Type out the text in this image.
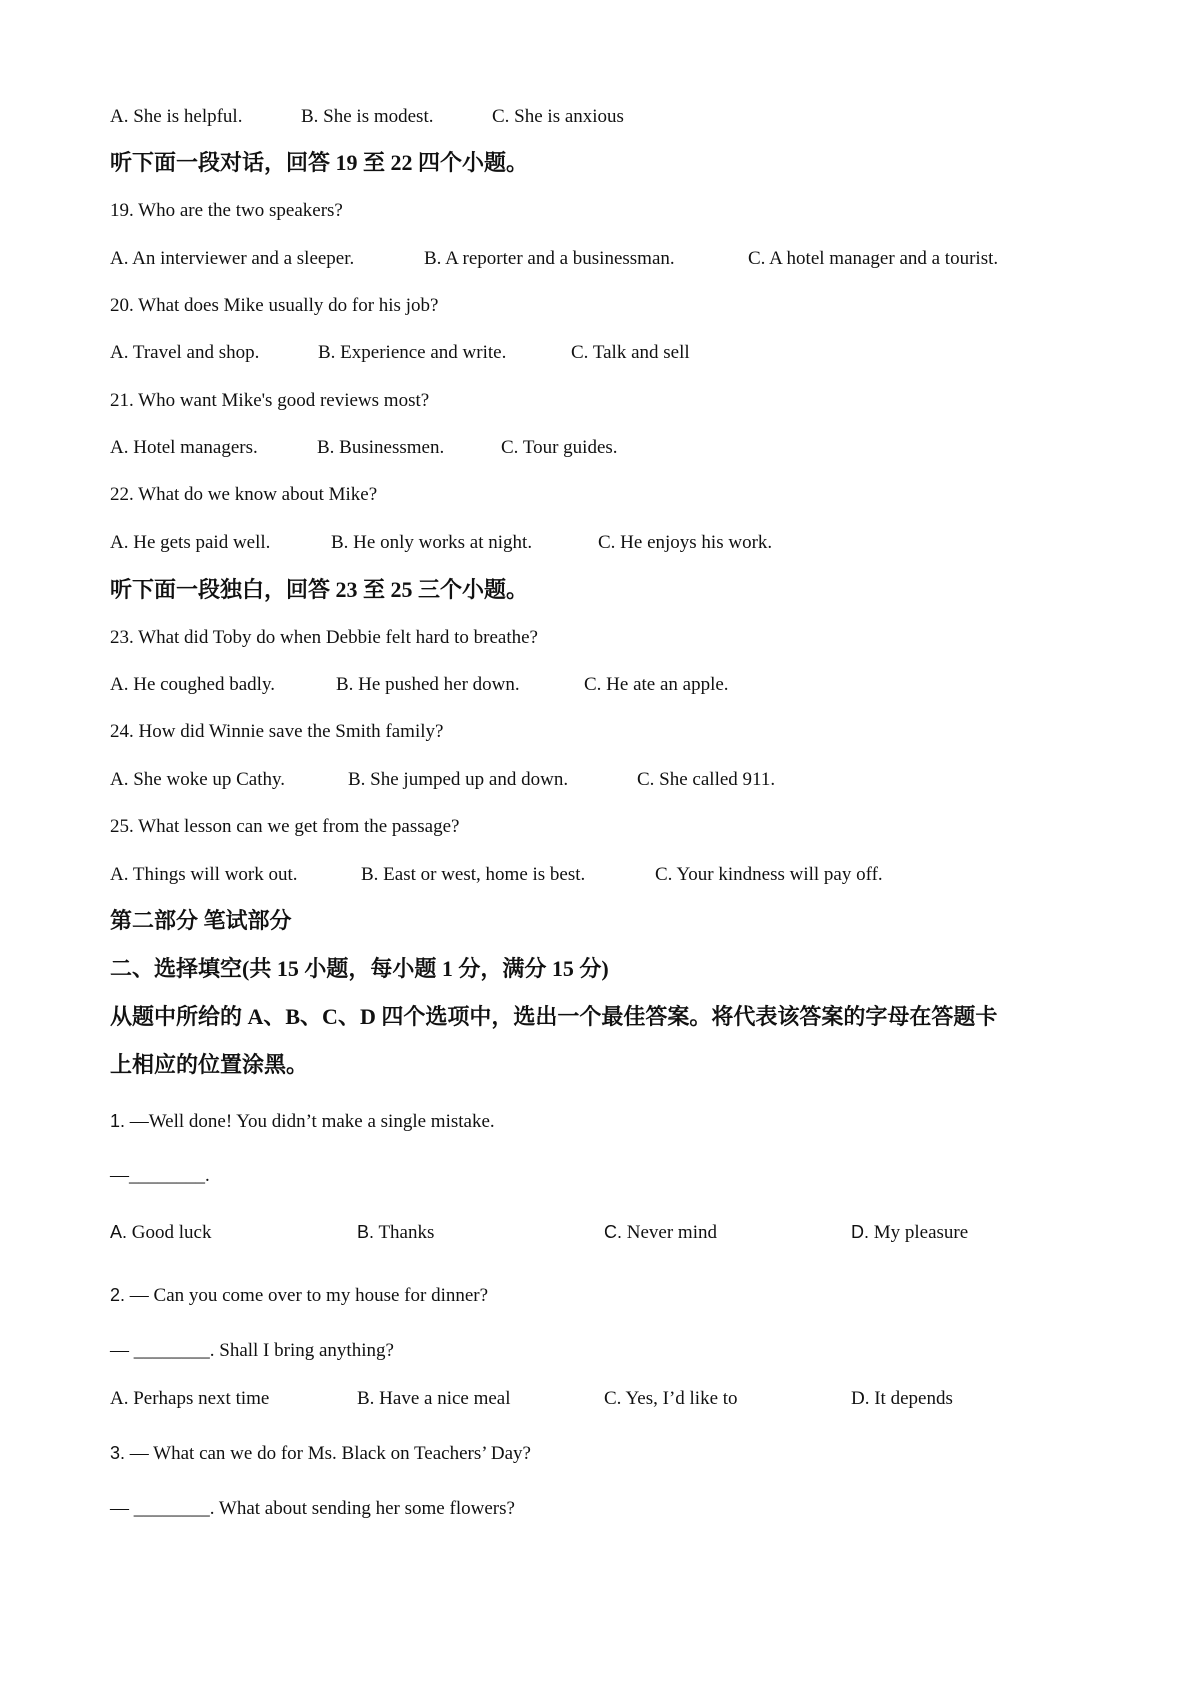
A. She is helpful.	B. She is modest.	C. She is anxious
听下面一段对话，回答 19 至 22 四个小题。
19. Who are the two speakers?
A. An interviewer and a sleeper.	B. A reporter and a businessman.	C. A hotel manager and a tourist.
20. What does Mike usually do for his job?
A. Travel and shop.	B. Experience and write.	C. Talk and sell
21. Who want Mike's good reviews most?
A. Hotel managers.	B. Businessmen.	C. Tour guides.
22. What do we know about Mike?
A. He gets paid well.	B. He only works at night.	C. He enjoys his work.
听下面一段独白，回答 23 至 25 三个小题。
23. What did Toby do when Debbie felt hard to breathe?
A. He coughed badly.	B. He pushed her down.	C. He ate an apple.
24. How did Winnie save the Smith family?
A. She woke up Cathy.	B. She jumped up and down.	C. She called 911.
25. What lesson can we get from the passage?
A. Things will work out.	B. East or west, home is best.	C. Your kindness will pay off.
第二部分 笔试部分
二、选择填空(共 15 小题，每小题 1 分，满分 15 分)
从题中所给的 A、B、C、D 四个选项中，选出一个最佳答案。将代表该答案的字母在答题卡
上相应的位置涂黑。
1. —Well done! You didn’t make a single mistake.
—________.
A. Good luck	B. Thanks	C. Never mind	D. My pleasure
2. — Can you come over to my house for dinner?
— ________. Shall I bring anything?
A. Perhaps next time	B. Have a nice meal	C. Yes, I’d like to	D. It depends
3. — What can we do for Ms. Black on Teachers’ Day?
— ________. What about sending her some flowers?
